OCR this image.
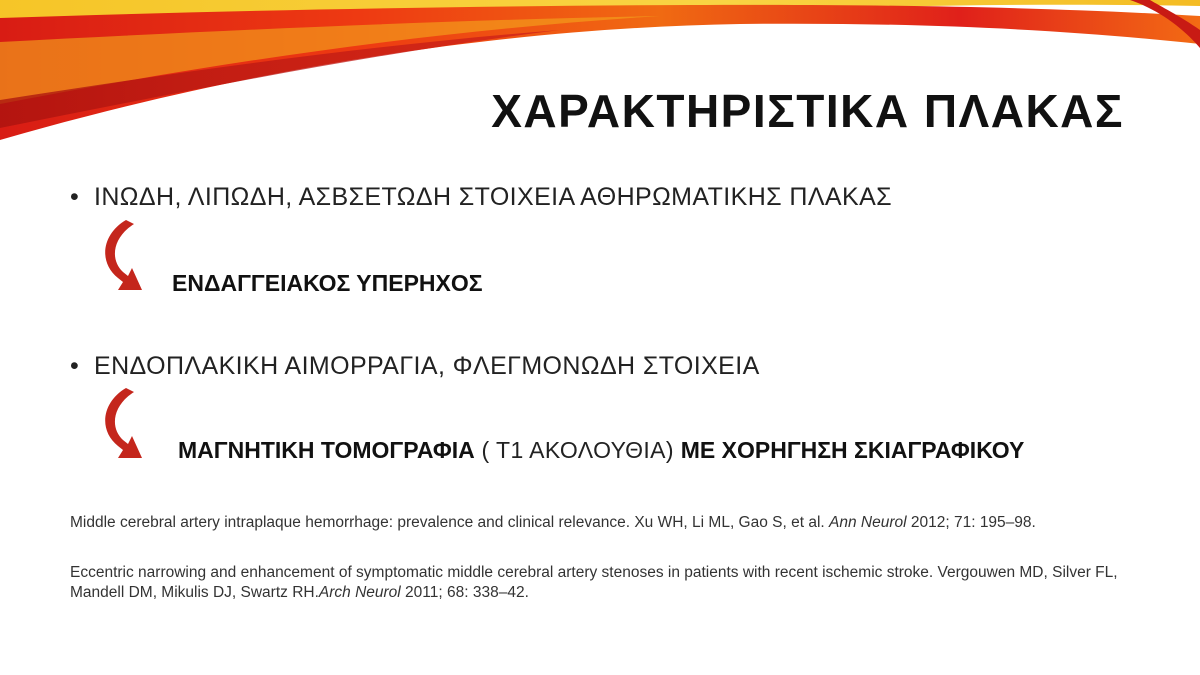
ΧΑΡΑΚΤΗΡΙΣΤΙΚΑ ΠΛΑΚΑΣ
• ΙΝΩΔΗ, ΛΙΠΩΔΗ, ΑΣΒΣΕΤΩΔΗ ΣΤΟΙΧΕΙΑ ΑΘΗΡΩΜΑΤΙΚΗΣ ΠΛΑΚΑΣ
ΕΝΔΑΓΓΕΙΑΚΟΣ ΥΠΕΡΗΧΟΣ
• ΕΝΔΟΠΛΑΚΙΚΗ ΑΙΜΟΡΡΑΓΙΑ, ΦΛΕΓΜΟΝΩΔΗ ΣΤΟΙΧΕΙΑ
ΜΑΓΝΗΤΙΚΗ ΤΟΜΟΓΡΑΦΙΑ ( Τ1 ΑΚΟΛΟΥΘΙΑ) ΜΕ ΧΟΡΗΓΗΣΗ ΣΚΙΑΓΡΑΦΙΚΟΥ

Middle cerebral artery intraplaque hemorrhage: prevalence and clinical relevance. Xu WH, Li ML, Gao S, et al. Ann Neurol 2012; 71: 195–98.

Eccentric narrowing and enhancement of symptomatic middle cerebral artery stenoses in patients with recent ischemic stroke. Vergouwen MD, Silver FL, Mandell DM, Mikulis DJ, Swartz RH.Arch Neurol 2011; 68: 338–42.
